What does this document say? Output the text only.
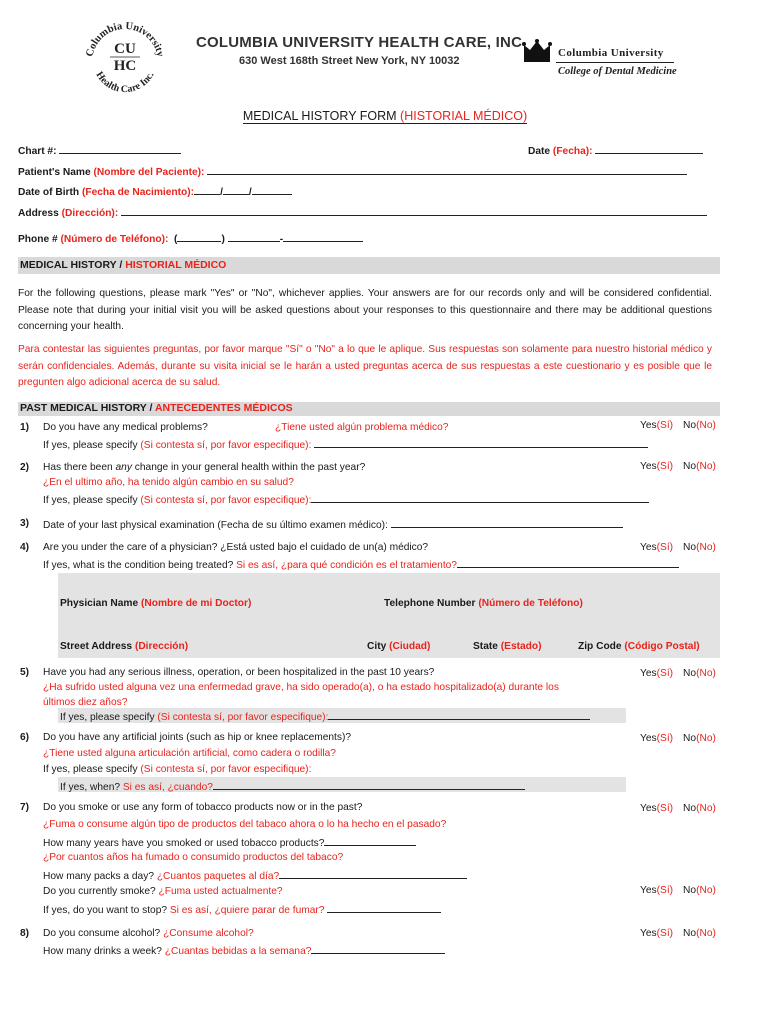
Columbia University
Health Care Inc.
CU
HC
COLUMBIA UNIVERSITY HEALTH CARE, INC
630 West 168th Street New York, NY 10032
Columbia University
College of Dental Medicine
MEDICAL HISTORY FORM (HISTORIAL MÉDICO)
Chart #:	Date (Fecha):
Patient's Name (Nombre del Paciente):
Date of Birth (Fecha de Nacimiento):	/	/
Address (Dirección):
Phone # (Número de Teléfono):  (	)	-
MEDICAL HISTORY / HISTORIAL MÉDICO
For the following questions, please mark "Yes" or "No", whichever applies. Your answers are for our records only and will be considered confidential. Please note that during your initial visit you will be asked questions about your responses to this questionnaire and there may be additional questions concerning your health.
Para contestar las siguientes preguntas, por favor marque "Sí" o "No" a lo que le aplique. Sus respuestas son solamente para nuestro historial médico y serán confidenciales. Además, durante su visita inicial se le harán a usted preguntas acerca de sus respuestas a este cuestionario y es posible que le pregunten algo adicional acerca de su salud.
PAST MEDICAL HISTORY / ANTECEDENTES MÉDICOS
1) Do you have any medical problems?	¿Tiene usted algún problema médico?	Yes(Sí) No(No)
If yes, please specify (Si contesta sí, por favor especifique):
2) Has there been any change in your general health within the past year?	Yes(Sí) No(No)
¿En el ultimo año, ha tenido algún cambio en su salud?
If yes, please specify (Si contesta sí, por favor especifique):
3) Date of your last physical examination (Fecha de su último examen médico):
4) Are you under the care of a physician? ¿Está usted bajo el cuidado de un(a) médico?	Yes(Sí) No(No)
If yes, what is the condition being treated? Si es así, ¿para qué condición es el tratamiento?
Physician Name (Nombre de mi Doctor)	Telephone Number (Número de Teléfono)
Street Address (Dirección)	City (Ciudad)	State (Estado)	Zip Code (Código Postal)
5) Have you had any serious illness, operation, or been hospitalized in the past 10 years?	Yes(Sí) No(No)
¿Ha sufrido usted alguna vez una enfermedad grave, ha sido operado(a), o ha estado hospitalizado(a) durante los
últimos diez años?
If yes, please specify (Si contesta sí, por favor especifique):
6) Do you have any artificial joints (such as hip or knee replacements)?	Yes(Sí) No(No)
¿Tiene usted alguna articulación artificial, como cadera o rodilla?
If yes, please specify (Si contesta sí, por favor especifique):
If yes, when? Si es así, ¿cuando?
7) Do you smoke or use any form of tobacco products now or in the past?	Yes(Sí) No(No)
¿Fuma o consume algún tipo de productos del tabaco ahora o lo ha hecho en el pasado?
How many years have you smoked or used tobacco products?
¿Por cuantos años ha fumado o consumido productos del tabaco?
How many packs a day? ¿Cuantos paquetes al día?
Do you currently smoke? ¿Fuma usted actualmente?	Yes(Sí) No(No)
If yes, do you want to stop? Si es así, ¿quiere parar de fumar?
8) Do you consume alcohol? ¿Consume alcohol?	Yes(Sí) No(No)
How many drinks a week? ¿Cuantas bebidas a la semana?
